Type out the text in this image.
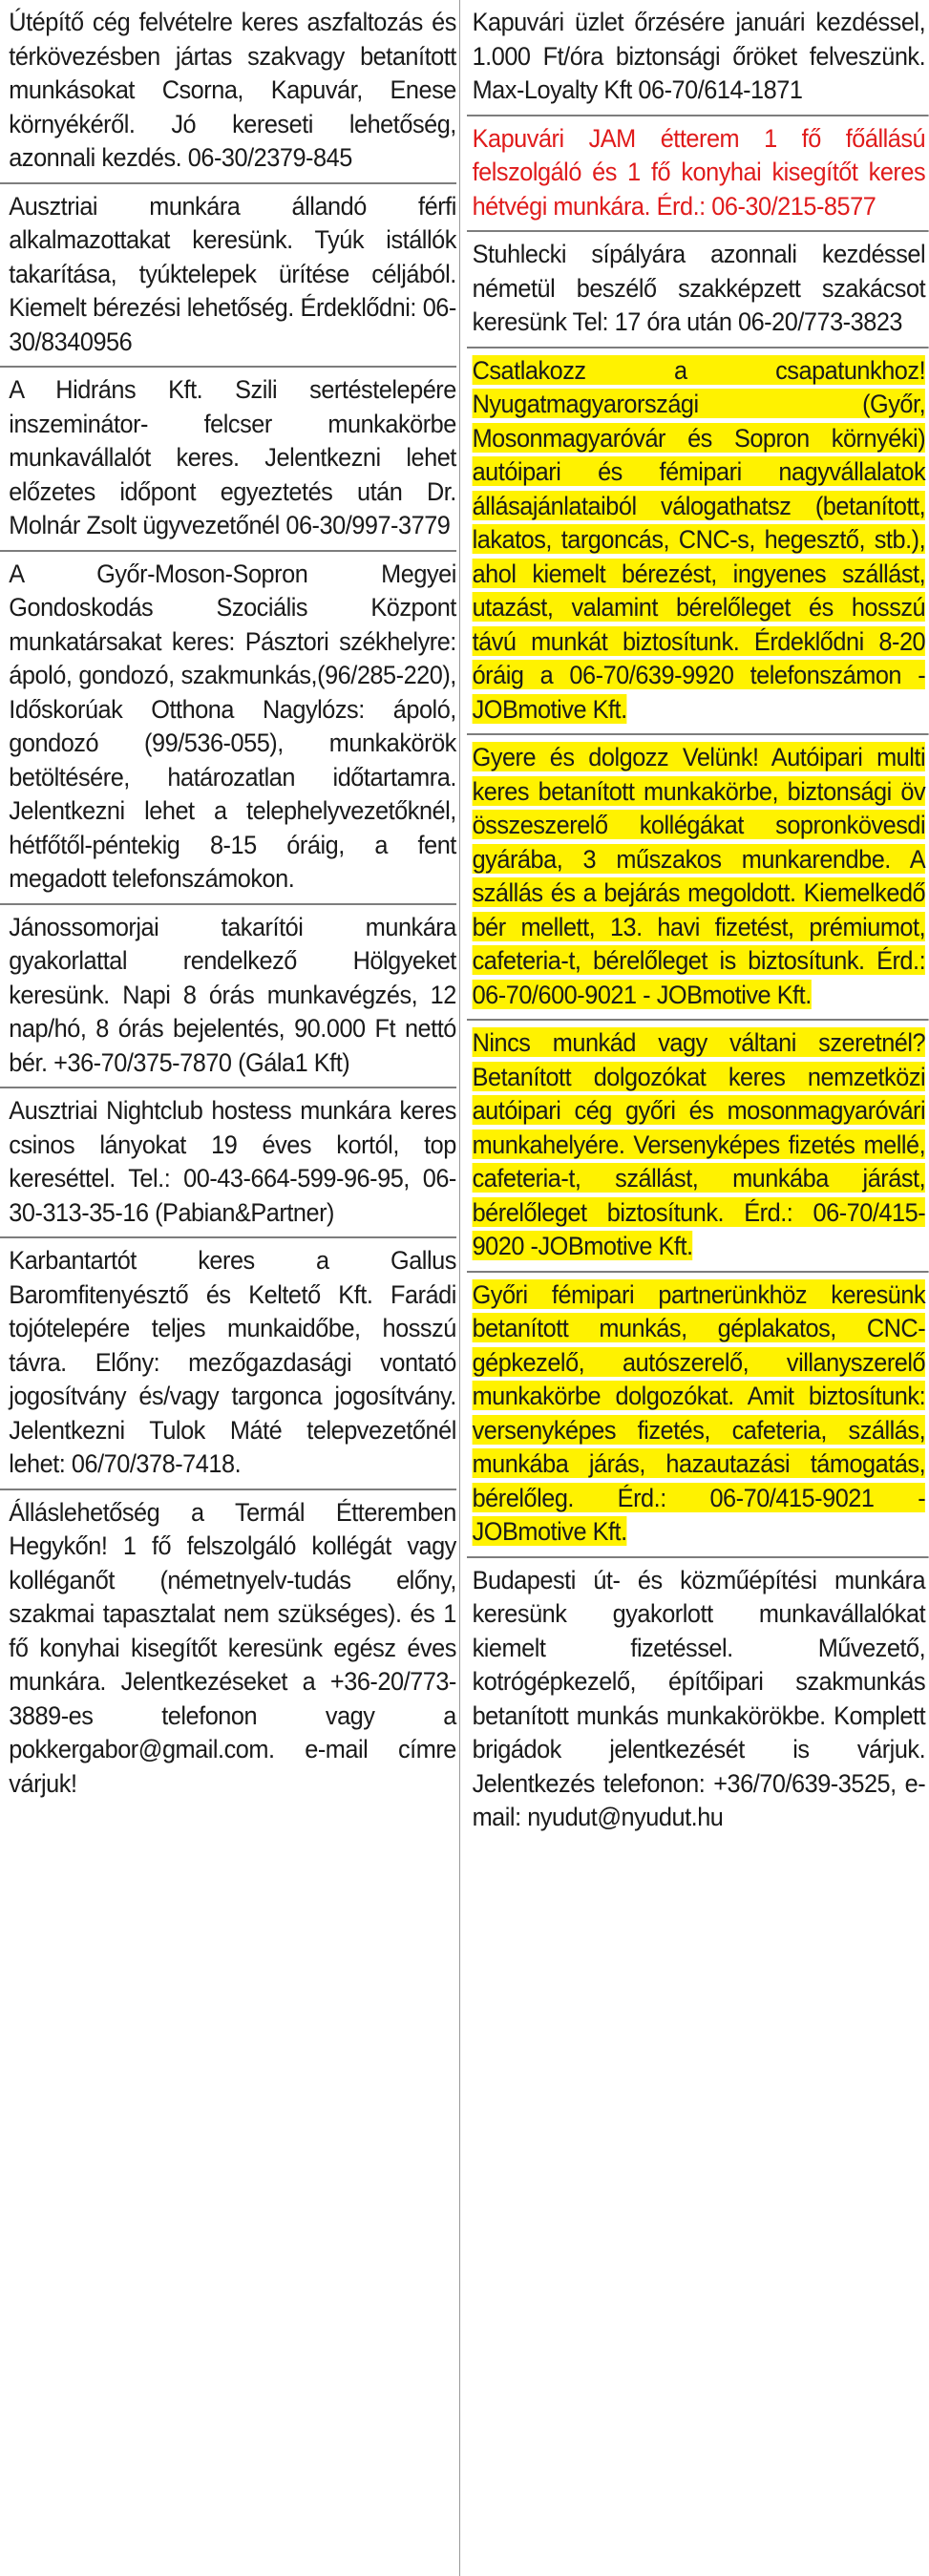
Útépítő cég felvételre keres aszfaltozás és térkövezésben jártas szakvagy betanított munkásokat Csorna, Kapuvár, Enese környékéről. Jó kereseti lehetőség, azonnali kezdés. 06-30/2379-845
Ausztriai munkára állandó férfi alkalmazottakat keresünk. Tyúk istállók takarítása, tyúktelepek ürítése céljából. Kiemelt bérezési lehetőség. Érdeklődni: 06-30/8340956
A Hidráns Kft. Szili sertéstelepére inszeminátor- felcser munkakörbe munkavállalót keres. Jelentkezni lehet előzetes időpont egyeztetés után Dr. Molnár Zsolt ügyvezetőnél 06-30/997-3779
A Győr-Moson-Sopron Megyei Gondoskodás Szociális Központ munkatársakat keres: Pásztori székhelyre: ápoló, gondozó, szakmunkás,(96/285-220), Időskorúak Otthona Nagylózs: ápoló, gondozó (99/536-055), munkakörök betöltésére, határozatlan időtartamra. Jelentkezni lehet a telephelyvezetőknél, hétfőtől-péntekig 8-15 óráig, a fent megadott telefonszámokon.
Jánossomorjai takarítói munkára gyakorlattal rendelkező Hölgyeket keresünk. Napi 8 órás munkavégzés, 12 nap/hó, 8 órás bejelentés, 90.000 Ft nettó bér. +36-70/375-7870 (Gála1 Kft)
Ausztriai Nightclub hostess munkára keres csinos lányokat 19 éves kortól, top kereséttel. Tel.: 00-43-664-599-96-95, 06-30-313-35-16 (Pabian&Partner)
Karbantartót keres a Gallus Baromfitenyésztő és Keltető Kft. Farádi tojótelepére teljes munkaidőbe, hosszú távra. Előny: mezőgazdasági vontató jogosítvány és/vagy targonca jogosítvány. Jelentkezni Tulok Máté telepvezetőnél lehet: 06/70/378-7418.
Álláslehetőség a Termál Étteremben Hegykőn! 1 fő felszolgáló kollégát vagy kolléganőt (németnyelv-tudás előny, szakmai tapasztalat nem szükséges). és 1 fő konyhai kisegítőt keresünk egész éves munkára. Jelentkezéseket a +36-20/773-3889-es telefonon vagy a pokkergabor@gmail.com. e-mail címre várjuk!
Kapuvári üzlet őrzésére januári kezdéssel, 1.000 Ft/óra biztonsági őröket felveszünk. Max-Loyalty Kft 06-70/614-1871
Kapuvári JAM étterem 1 fő főállású felszolgáló és 1 fő konyhai kisegítőt keres hétvégi munkára. Érd.: 06-30/215-8577
Stuhlecki sípályára azonnali kezdéssel németül beszélő szakképzett szakácsot keresünk Tel: 17 óra után 06-20/773-3823
Csatlakozz a csapatunkhoz! Nyugatmagyarországi (Győr, Mosonmagyaróvár és Sopron környéki) autóipari és fémipari nagyvállalatok állásajánlataiból válogathatsz (betanított, lakatos, targoncás, CNC-s, hegesztő, stb.), ahol kiemelt bérezést, ingyenes szállást, utazást, valamint bérelőleget és hosszú távú munkát biztosítunk. Érdeklődni 8-20 óráig a 06-70/639-9920 telefonszámon - JOBmotive Kft.
Gyere és dolgozz Velünk! Autóipari multi keres betanított munkakörbe, biztonsági öv összeszerelő kollégákat sopronkövesdi gyárába, 3 műszakos munkarendbe. A szállás és a bejárás megoldott. Kiemelkedő bér mellett, 13. havi fizetést, prémiumot, cafeteria-t, bérelőleget is biztosítunk. Érd.: 06-70/600-9021 - JOBmotive Kft.
Nincs munkád vagy váltani szeretnél? Betanított dolgozókat keres nemzetközi autóipari cég győri és mosonmagyaróvári munkahelyére. Versenyképes fizetés mellé, cafeteria-t, szállást, munkába járást, bérelőleget biztosítunk. Érd.: 06-70/415-9020 -JOBmotive Kft.
Győri fémipari partnerünkhöz keresünk betanított munkás, géplakatos, CNC-gépkezelő, autószerelő, villanyszerelő munkakörbe dolgozókat. Amit biztosítunk: versenyképes fizetés, cafeteria, szállás, munkába járás, hazautazási támogatás, bérelőleg. Érd.: 06-70/415-9021 -JOBmotive Kft.
Budapesti út- és közműépítési munkára keresünk gyakorlott munkavállalókat kiemelt fizetéssel. Művezető, kotrógépkezelő, építőipari szakmunkás betanított munkás munkakörökbe. Komplett brigádok jelentkezését is várjuk. Jelentkezés telefonon: +36/70/639-3525, e-mail: nyudut@nyudut.hu
